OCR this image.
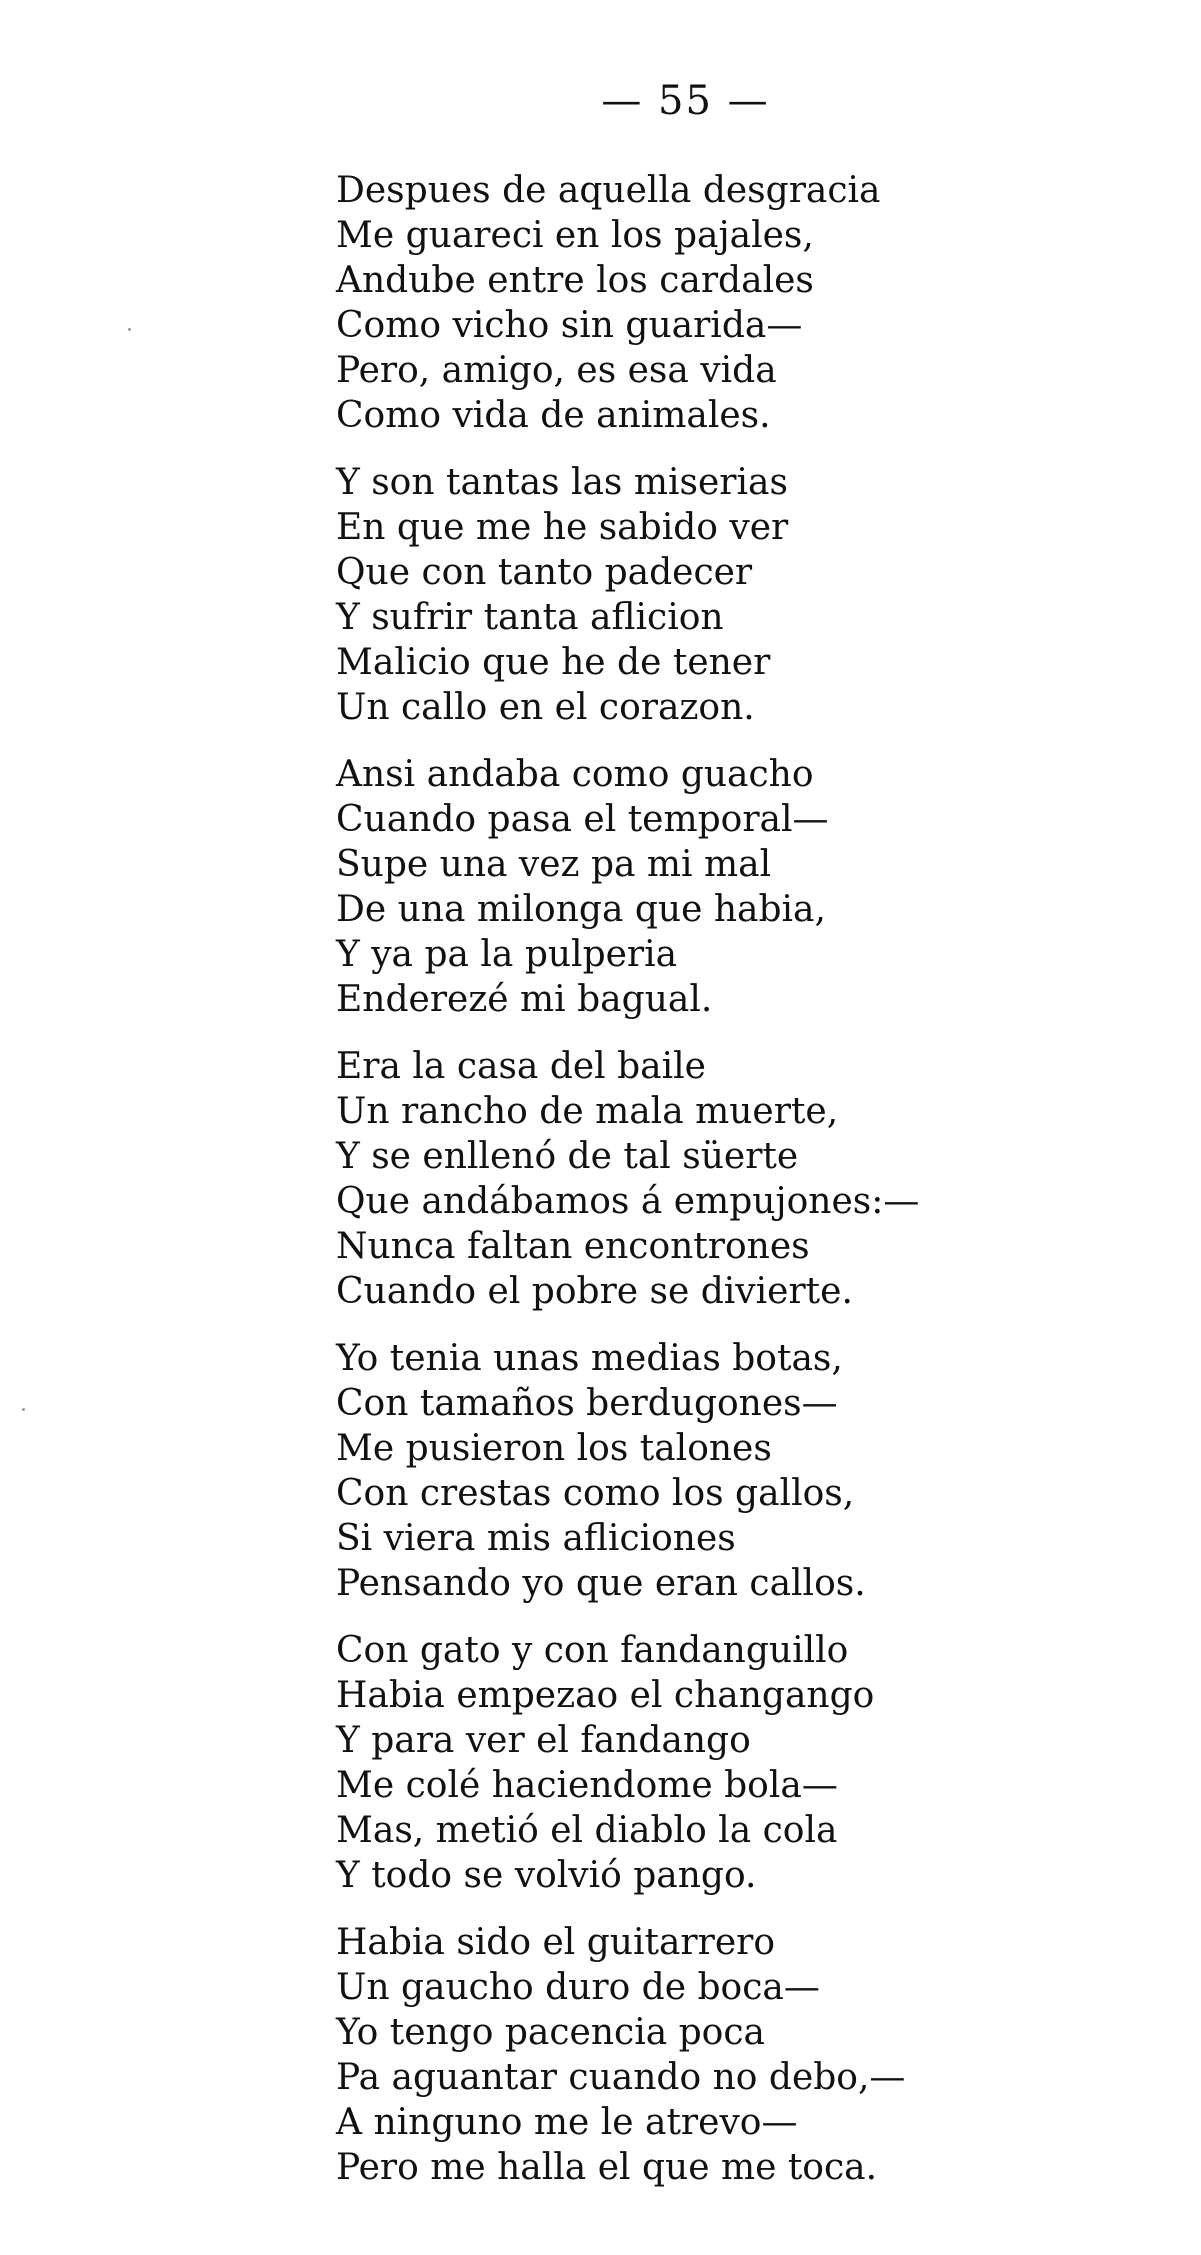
— 55 —
Despues de aquella desgracia
Me guareci en los pajales,
Andube entre los cardales
Como vicho sin guarida—
Pero, amigo, es esa vida
Como vida de animales.
Y son tantas las miserias
En que me he sabido ver
Que con tanto padecer
Y sufrir tanta aflicion
Malicio que he de tener
Un callo en el corazon.
Ansi andaba como guacho
Cuando pasa el temporal—
Supe una vez pa mi mal
De una milonga que habia,
Y ya pa la pulperia
Enderezé mi bagual.
Era la casa del baile
Un rancho de mala muerte,
Y se enllenó de tal süerte
Que andábamos á empujones:—
Nunca faltan encontrones
Cuando el pobre se divierte.
Yo tenia unas medias botas,
Con tamaños berdugones—
Me pusieron los talones
Con crestas como los gallos,
Si viera mis afliciones
Pensando yo que eran callos.
Con gato y con fandanguillo
Habia empezao el changango
Y para ver el fandango
Me colé haciendome bola—
Mas, metió el diablo la cola
Y todo se volvió pango.
Habia sido el guitarrero
Un gaucho duro de boca—
Yo tengo pacencia poca
Pa aguantar cuando no debo,—
A ninguno me le atrevo—
Pero me halla el que me toca.
